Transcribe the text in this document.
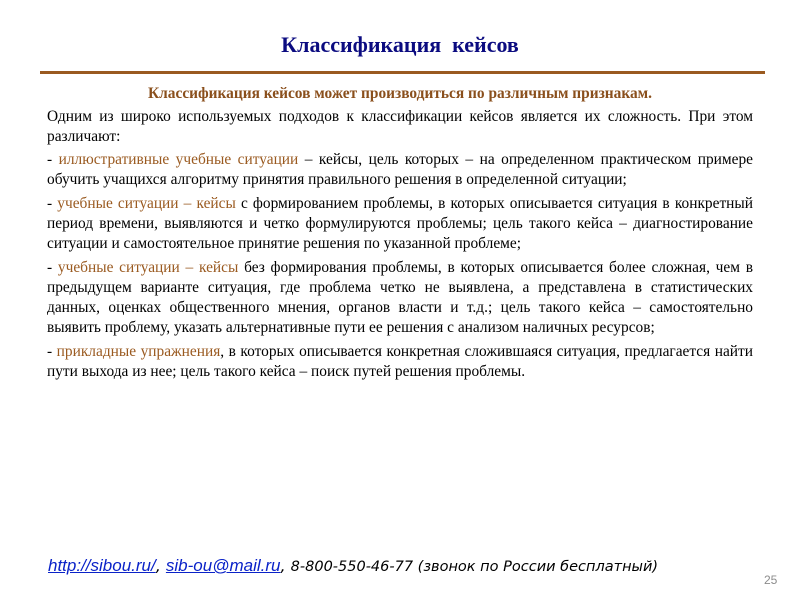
Классификация  кейсов
Классификация кейсов может производиться по различным признакам.
Одним из широко используемых подходов к классификации кейсов является их сложность. При этом различают:
- иллюстративные учебные ситуации – кейсы, цель которых – на определенном практическом примере обучить учащихся алгоритму принятия правильного решения в определенной ситуации;
- учебные ситуации – кейсы с формированием проблемы, в которых описывается ситуация в конкретный период времени, выявляются и четко формулируются проблемы; цель такого кейса – диагностирование ситуации и самостоятельное принятие решения по указанной проблеме;
- учебные ситуации – кейсы без формирования проблемы, в которых описывается более сложная, чем в предыдущем варианте ситуация, где проблема четко не выявлена, а представлена в статистических данных, оценках общественного мнения, органов власти и т.д.; цель такого кейса – самостоятельно выявить проблему, указать альтернативные пути ее решения с анализом наличных ресурсов;
- прикладные упражнения, в которых описывается конкретная сложившаяся ситуация, предлагается найти пути выхода из нее; цель такого кейса – поиск путей решения проблемы.
http://sibou.ru/, sib-ou@mail.ru, 8-800-550-46-77 (звонок по России бесплатный)
25
